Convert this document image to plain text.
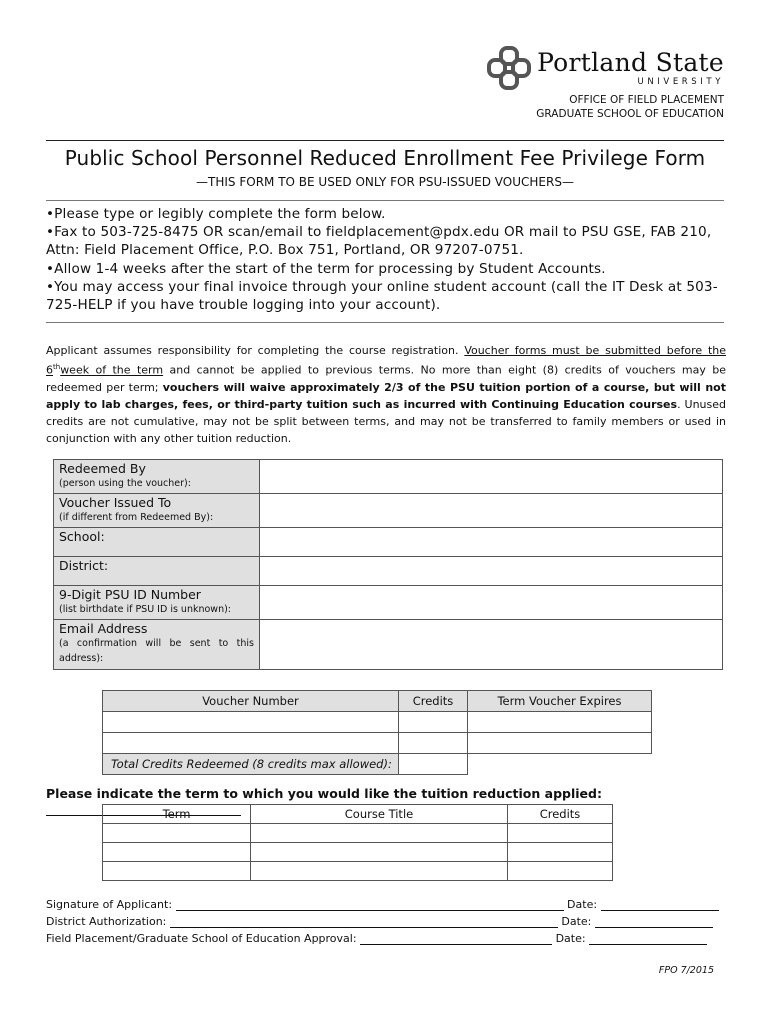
Portland State
UNIVERSITY
OFFICE OF FIELD PLACEMENT
GRADUATE SCHOOL OF EDUCATION
Public School Personnel Reduced Enrollment Fee Privilege Form
—THIS FORM TO BE USED ONLY FOR PSU-ISSUED VOUCHERS—
•Please type or legibly complete the form below.
•Fax to 503-725-8475 OR scan/email to fieldplacement@pdx.edu OR mail to PSU GSE, FAB 210, Attn: Field Placement Office, P.O. Box 751, Portland, OR 97207-0751.
•Allow 1-4 weeks after the start of the term for processing by Student Accounts.
•You may access your final invoice through your online student account (call the IT Desk at 503-725-HELP if you have trouble logging into your account).
Applicant assumes responsibility for completing the course registration. Voucher forms must be submitted before the 6thweek of the term and cannot be applied to previous terms. No more than eight (8) credits of vouchers may be redeemed per term; vouchers will waive approximately 2/3 of the PSU tuition portion of a course, but will not apply to lab charges, fees, or third-party tuition such as incurred with Continuing Education courses. Unused credits are not cumulative, may not be split between terms, and may not be transferred to family members or used in conjunction with any other tuition reduction.
Redeemed By
(person using the voucher):	

Voucher Issued To
(if different from Redeemed By):	

School:	

District:	

9-Digit PSU ID Number
(list birthdate if PSU ID is unknown):	

Email Address
(a confirmation will be sent to this address):	

Voucher Number	Credits	Term Voucher Expires

Total Credits Redeemed (8 credits max allowed):		
Please indicate the term to which you would like the tuition reduction applied:
Term	Course Title	Credits

Signature of Applicant:	Date:
District Authorization:	Date:
Field Placement/Graduate School of Education Approval:	Date:
FPO 7/2015
